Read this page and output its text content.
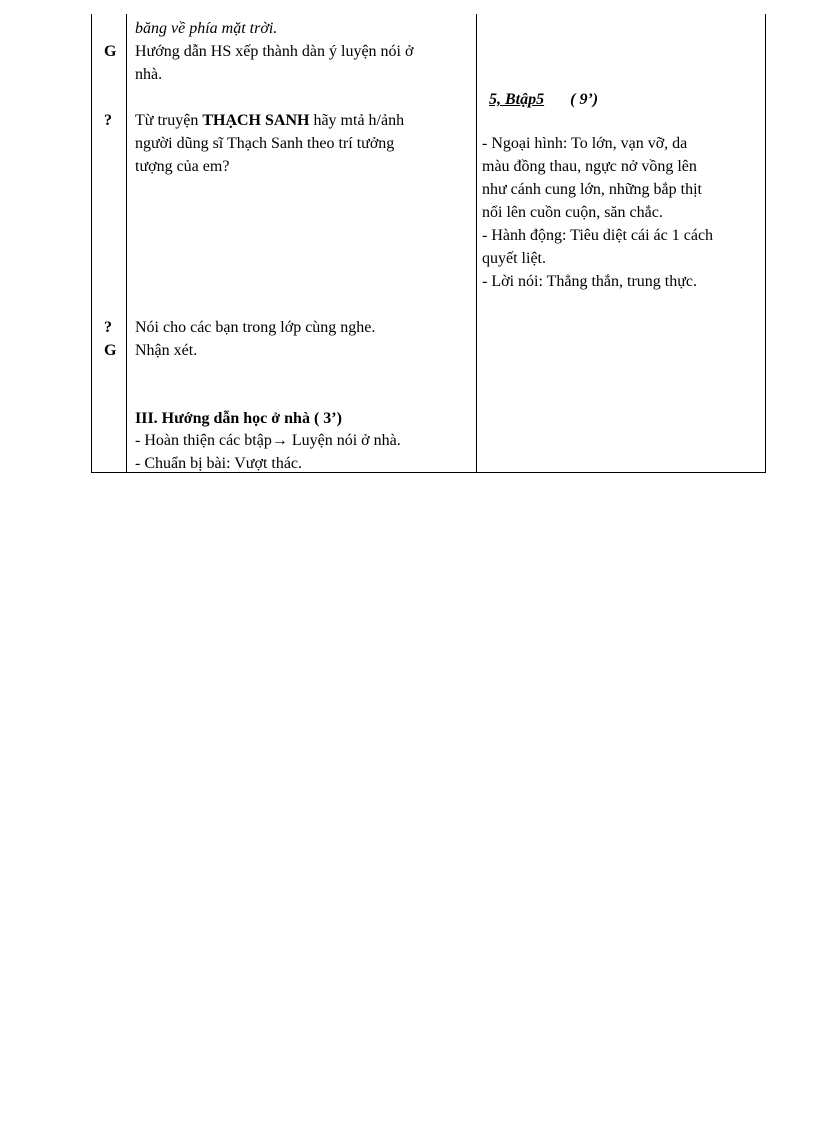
G
?
?
G
băng về phía mặt trời.
Hướng dẫn HS xếp thành dàn ý luyện nói ở
nhà.
Từ truyện THẠCH SANH hãy mtả h/ảnh
người dũng sĩ Thạch Sanh theo trí tưởng
tượng của em?
Nói cho các bạn trong lớp cùng nghe.
Nhận xét.
III. Hướng dẫn học ở nhà ( 3’)
- Hoàn thiện các btập→ Luyện nói ở nhà.
- Chuẩn bị bài: Vượt thác.
5, Btập5 ( 9’)
- Ngoại hình: To lớn, vạn vỡ, da
màu đồng thau, ngực nở vồng lên
như cánh cung lớn, những bắp thịt
nổi lên cuồn cuộn, săn chắc.
- Hành động: Tiêu diệt cái ác 1 cách
quyết liệt.
- Lời nói: Thẳng thắn, trung thực.
